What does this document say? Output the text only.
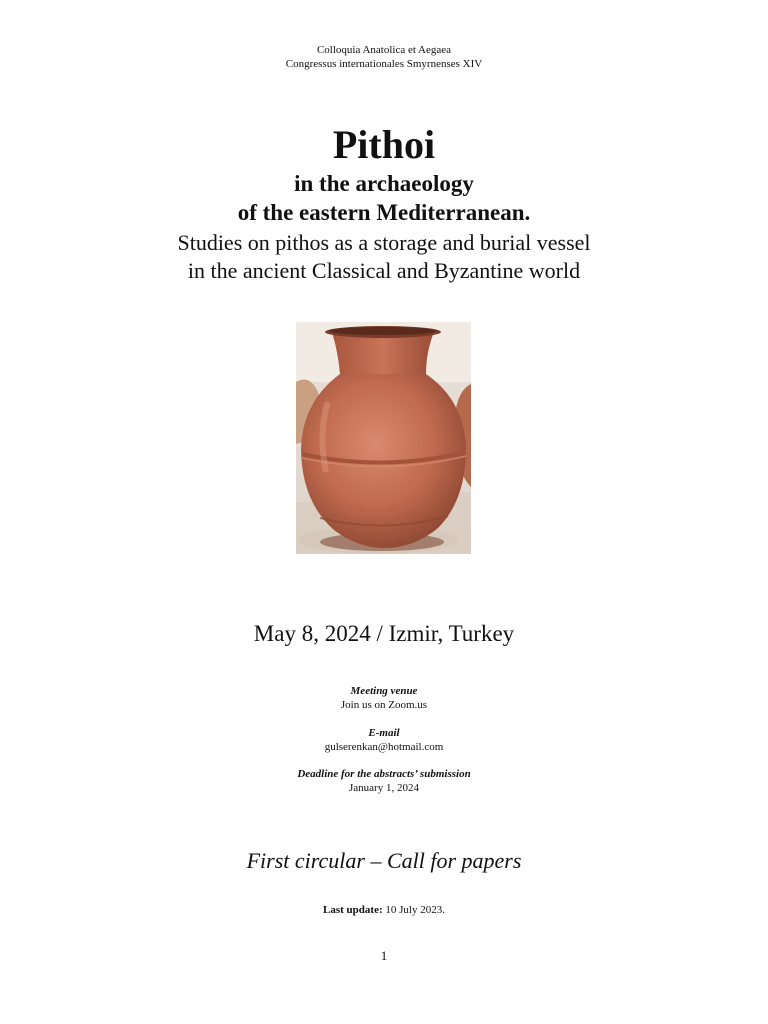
Colloquia Anatolica et Aegaea
Congressus internationales Smyrnenses XIV
Pithoi
in the archaeology
of the eastern Mediterranean.
Studies on pithos as a storage and burial vessel
in the ancient Classical and Byzantine world
May 8, 2024 / Izmir, Turkey
Meeting venue
Join us on Zoom.us
E-mail
gulserenkan@hotmail.com
Deadline for the abstracts’ submission
January 1, 2024
First circular – Call for papers
Last update: 10 July 2023.
1
